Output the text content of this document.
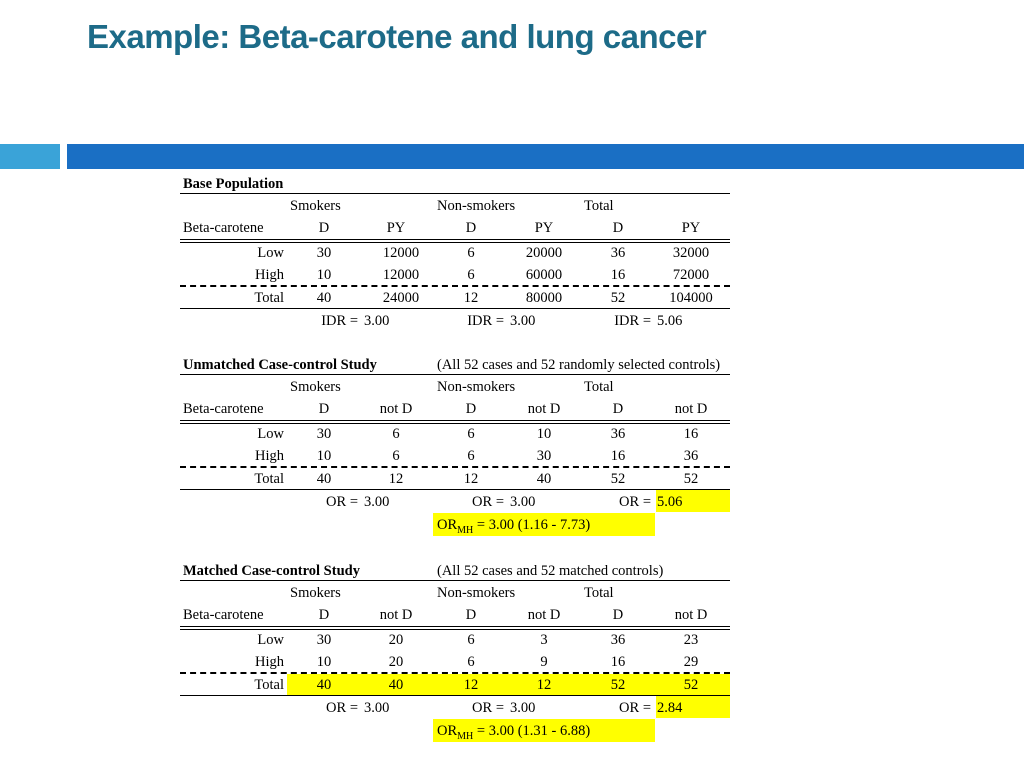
Example: Beta-carotene and lung cancer
Base Population
Smokers	Non-smokers	Total
Beta-carotene	D	PY	D	PY	D	PY
Low	30	12000	6	20000	36	32000
High	10	12000	6	60000	16	72000
Total	40	24000	12	80000	52	104000
IDR = 3.00	IDR = 3.00	IDR = 5.06
Unmatched Case-control Study	(All 52 cases and 52 randomly selected controls)
Smokers	Non-smokers	Total
Beta-carotene	D	not D	D	not D	D	not D
Low	30	6	6	10	36	16
High	10	6	6	30	16	36
Total	40	12	12	40	52	52
OR = 3.00	OR = 3.00	OR = 5.06
$OR_{MH} = 3.00$ (1.16 - 7.73)
Matched Case-control Study	(All 52 cases and 52 matched controls)
Smokers	Non-smokers	Total
Beta-carotene	D	not D	D	not D	D	not D
Low	30	20	6	3	36	23
High	10	20	6	9	16	29
Total	40	40	12	12	52	52
OR = 3.00	OR = 3.00	OR = 2.84
$OR_{MH} = 3.00$ (1.31 - 6.88)
